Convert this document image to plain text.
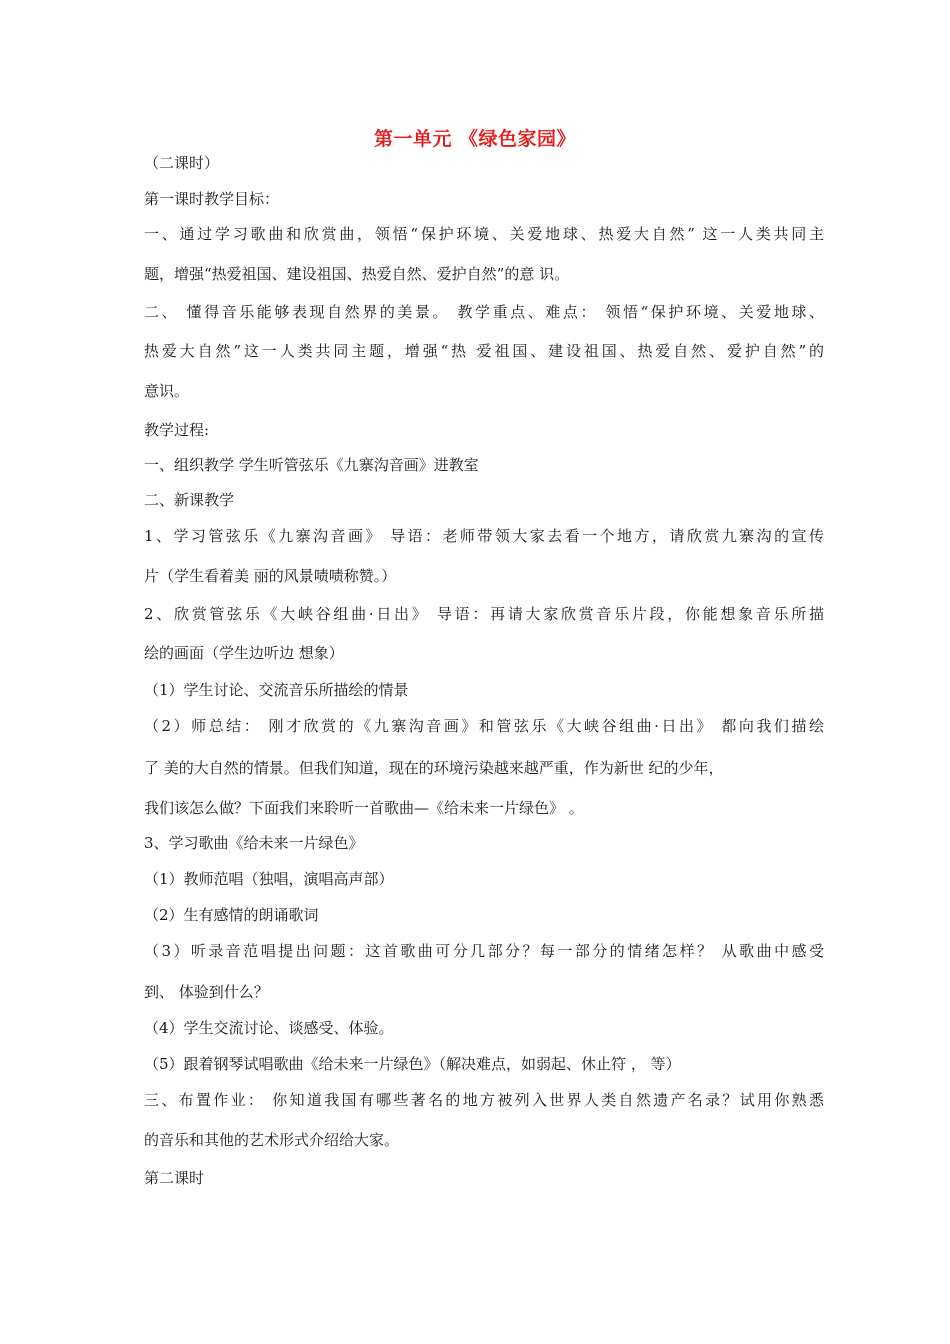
第一单元 《绿色家园》
（二课时）
第一课时教学目标：
一、通过学习歌曲和欣赏曲，领悟“保护环境、关爱地球、热爱大自然” 这一人类共同主
题，增强“热爱祖国、建设祖国、热爱自然、爱护自然”的意 识。
二、 懂得音乐能够表现自然界的美景。 教学重点、难点： 领悟“保护环境、关爱地球、
热爱大自然”这一人类共同主题，增强“热 爱祖国、建设祖国、热爱自然、爱护自然”的
意识。
教学过程:
一、组织教学 学生听管弦乐《九寨沟音画》进教室
二、新课教学
1、学习管弦乐《九寨沟音画》 导语：老师带领大家去看一个地方，请欣赏九寨沟的宣传
片（学生看着美 丽的风景啧啧称赞。）
2、欣赏管弦乐《大峡谷组曲·日出》 导语：再请大家欣赏音乐片段，你能想象音乐所描
绘的画面（学生边听边 想象）
（1）学生讨论、交流音乐所描绘的情景
（2）师总结： 刚才欣赏的《九寨沟音画》和管弦乐《大峡谷组曲·日出》 都向我们描绘
了 美的大自然的情景。但我们知道，现在的环境污染越来越严重，作为新世 纪的少年，
我们该怎么做？下面我们来聆听一首歌曲—《给未来一片绿色》 。
3、学习歌曲《给未来一片绿色》
（1）教师范唱（独唱，演唱高声部）
（2）生有感情的朗诵歌词
（3）听录音范唱提出问题：这首歌曲可分几部分？每一部分的情绪怎样？ 从歌曲中感受
到、 体验到什么？
（4）学生交流讨论、谈感受、体验。
（5）跟着钢琴试唱歌曲《给未来一片绿色》（解决难点，如弱起、休止符 ， 等）
三、布置作业： 你知道我国有哪些著名的地方被列入世界人类自然遗产名录？试用你熟悉
的音乐和其他的艺术形式介绍给大家。
第二课时
